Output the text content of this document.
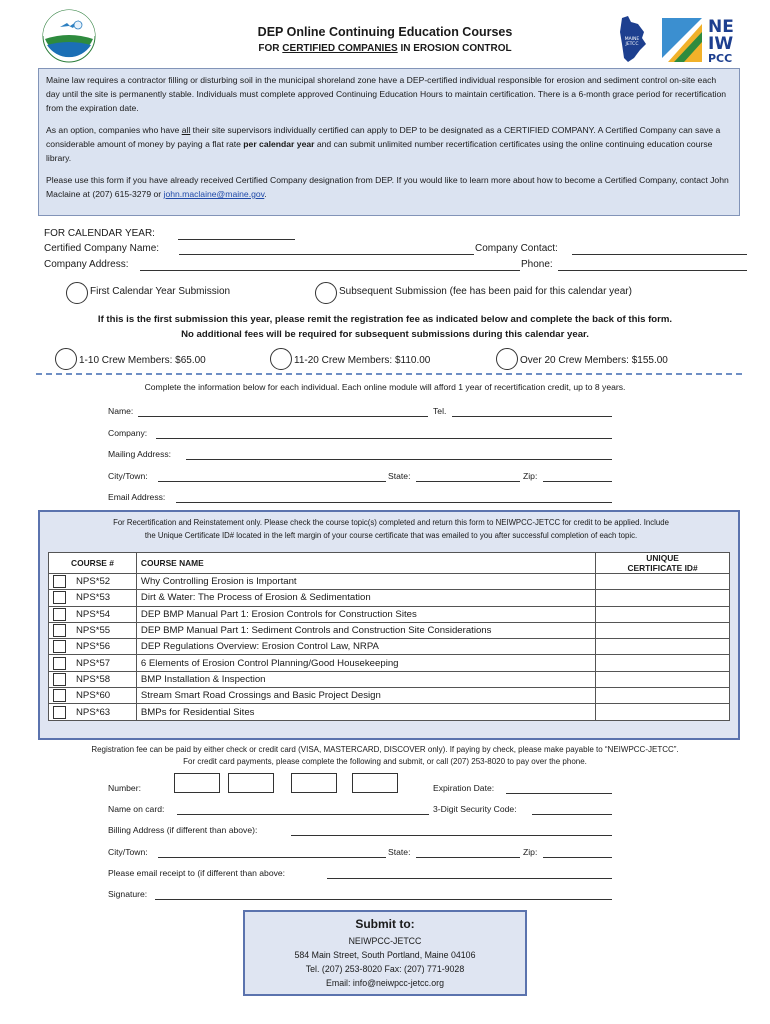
DEP Online Continuing Education Courses
FOR CERTIFIED COMPANIES IN EROSION CONTROL
MAINE
JETCC
NE
IW
PCC

Maine law requires a contractor filling or disturbing soil in the municipal shoreland zone have a DEP-certified individual responsible for erosion and sediment control on-site each day until the site is permanently stable. Individuals must complete approved Continuing Education Hours to maintain certification. There is a 6-month grace period for recertification from the expiration date.

As an option, companies who have all their site supervisors individually certified can apply to DEP to be designated as a CERTIFIED COMPANY. A Certified Company can save a considerable amount of money by paying a flat rate per calendar year and can submit unlimited number recertification certificates using the online continuing education course library.

Please use this form if you have already received Certified Company designation from DEP. If you would like to learn more about how to become a Certified Company, contact John Maclaine at (207) 615-3279 or john.maclaine@maine.gov.

FOR CALENDAR YEAR:
Certified Company Name:	Company Contact:
Company Address:	Phone:
First Calendar Year Submission	Subsequent Submission (fee has been paid for this calendar year)
If this is the first submission this year, please remit the registration fee as indicated below and complete the back of this form.
No additional fees will be required for subsequent submissions during this calendar year.
1-10 Crew Members: $65.00	11-20 Crew Members: $110.00	Over 20 Crew Members: $155.00
Complete the information below for each individual. Each online module will afford 1 year of recertification credit, up to 8 years.
Name:	Tel.
Company:
Mailing Address:
City/Town:	State:	Zip:
Email Address:
For Recertification and Reinstatement only. Please check the course topic(s) completed and return this form to NEIWPCC-JETCC for credit to be applied. Include
the Unique Certificate ID# located in the left margin of your course certificate that was emailed to you after successful completion of each topic.
COURSE #	COURSE NAME	UNIQUE
CERTIFICATE ID#

NPS*52	Why Controlling Erosion is Important	
NPS*53	Dirt & Water: The Process of Erosion & Sedimentation	
NPS*54	DEP BMP Manual Part 1: Erosion Controls for Construction Sites	
NPS*55	DEP BMP Manual Part 1: Sediment Controls and Construction Site Considerations	
NPS*56	DEP Regulations Overview: Erosion Control Law, NRPA	
NPS*57	6 Elements of Erosion Control Planning/Good Housekeeping	
NPS*58	BMP Installation & Inspection	
NPS*60	Stream Smart Road Crossings and Basic Project Design	
NPS*63	BMPs for Residential Sites	
Registration fee can be paid by either check or credit card (VISA, MASTERCARD, DISCOVER only). If paying by check, please make payable to “NEIWPCC-JETCC”.
For credit card payments, please complete the following and submit, or call (207) 253-8020 to pay over the phone.
Number:	Expiration Date:
Name on card:	3-Digit Security Code:
Billing Address (if different than above):
City/Town:	State:	Zip:
Please email receipt to (if different than above:
Signature:
Submit to:
NEIWPCC-JETCC
584 Main Street, South Portland, Maine 04106
Tel. (207) 253-8020 Fax: (207) 771-9028
Email: info@neiwpcc-jetcc.org
